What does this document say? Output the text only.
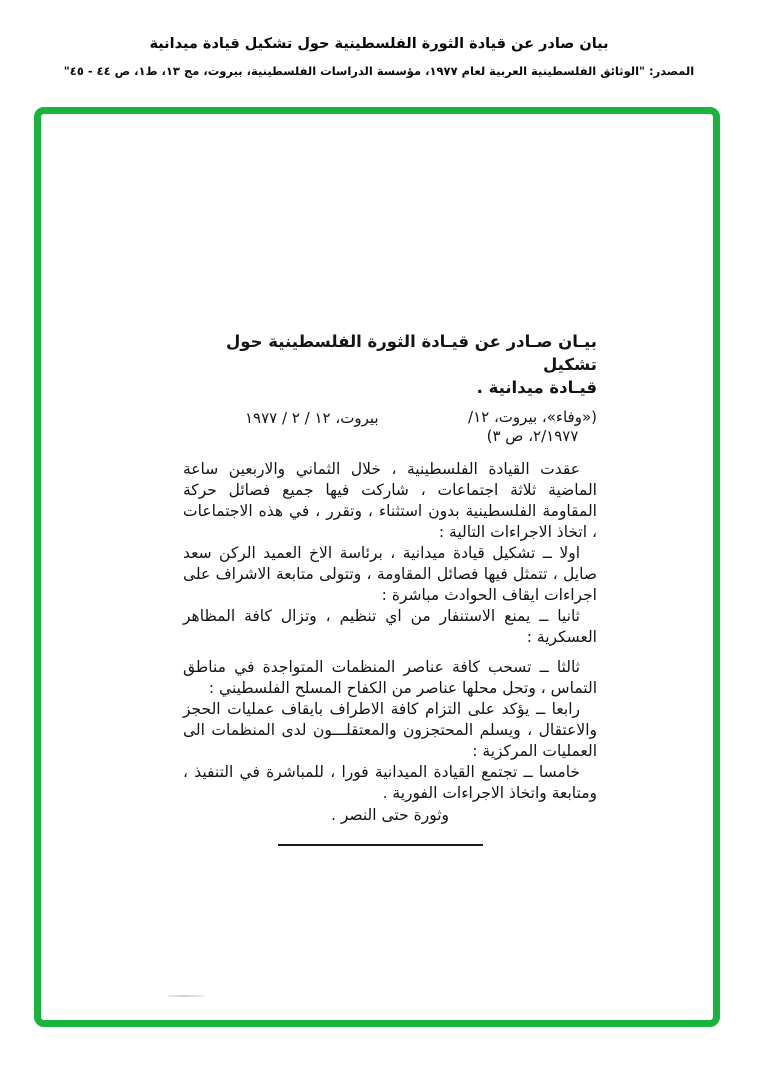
بيان صادر عن قيادة الثورة الفلسطينية حول تشكيل قيادة ميدانية
المصدر: "الوثائق الفلسطينية العربية لعام ١٩٧٧، مؤسسة الدراسات الفلسطينية، بيروت، مج ١٣، ط١، ص ٤٤ - ٤٥"
بيـان صـادر عن قيـادة الثورة الفلسطينية حول تشكيل
قيـادة ميدانية .
بيروت، ١٢ / ٢ / ١٩٧٧	(«وفاء»، بيروت، ١٢/
٢/١٩٧٧، ص ٣)

عقدت القيادة الفلسطينية ، خلال الثماني والاربعين ساعة الماضية ثلاثة اجتماعات ، شاركت فيها جميع فصائل حركة المقاومة الفلسطينية بدون استثناء ، وتقرر ، في هذه الاجتماعات ، اتخاذ الاجراءات التالية :

اولا ــ تشكيل قيادة ميدانية ، برئاسة الاخ العميد الركن سعد صايل ، تتمثل فيها فصائل المقاومة ، وتتولى متابعة الاشراف على اجراءات ايقاف الحوادث مباشرة :

ثانيا ــ يمنع الاستنفار من اي تنظيم ، وتزال كافة المظاهر العسكرية :

ثالثا ــ تسحب كافة عناصر المنظمات المتواجدة في مناطق التماس ، وتحل محلها عناصر من الكفاح المسلح الفلسطيني :

رابعا ــ يؤكد على التزام كافة الاطراف بايقاف عمليات الحجز والاعتقال ، ويسلم المحتجزون والمعتقلـــون لدى المنظمات الى العمليات المركزية :

خامسا ــ تجتمع القيادة الميدانية فورا ، للمباشرة في التنفيذ ، ومتابعة واتخاذ الاجراءات الفورية .

وثورة حتى النصر .
